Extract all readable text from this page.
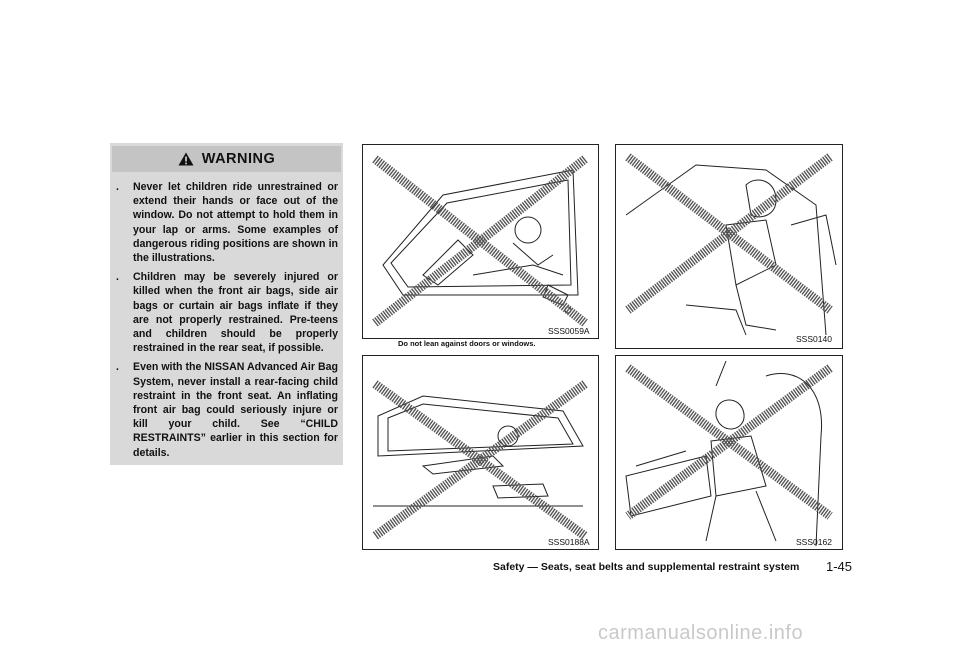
WARNING
. Never let children ride unrestrained or extend their hands or face out of the window. Do not attempt to hold them in your lap or arms. Some examples of dangerous riding positions are shown in the illustrations.
. Children may be severely injured or killed when the front air bags, side air bags or curtain air bags inflate if they are not properly restrained. Pre-teens and children should be properly restrained in the rear seat, if possible.
. Even with the NISSAN Advanced Air Bag System, never install a rear-facing child restraint in the front seat. An inflating front air bag could seriously injure or kill your child. See “CHILD RESTRAINTS” earlier in this section for details.
SSS0059A
Do not lean against doors or windows.	SSS0140
SSS0188A	SSS0162
Safety — Seats, seat belts and supplemental restraint system 1-45
carmanualsonline.info
